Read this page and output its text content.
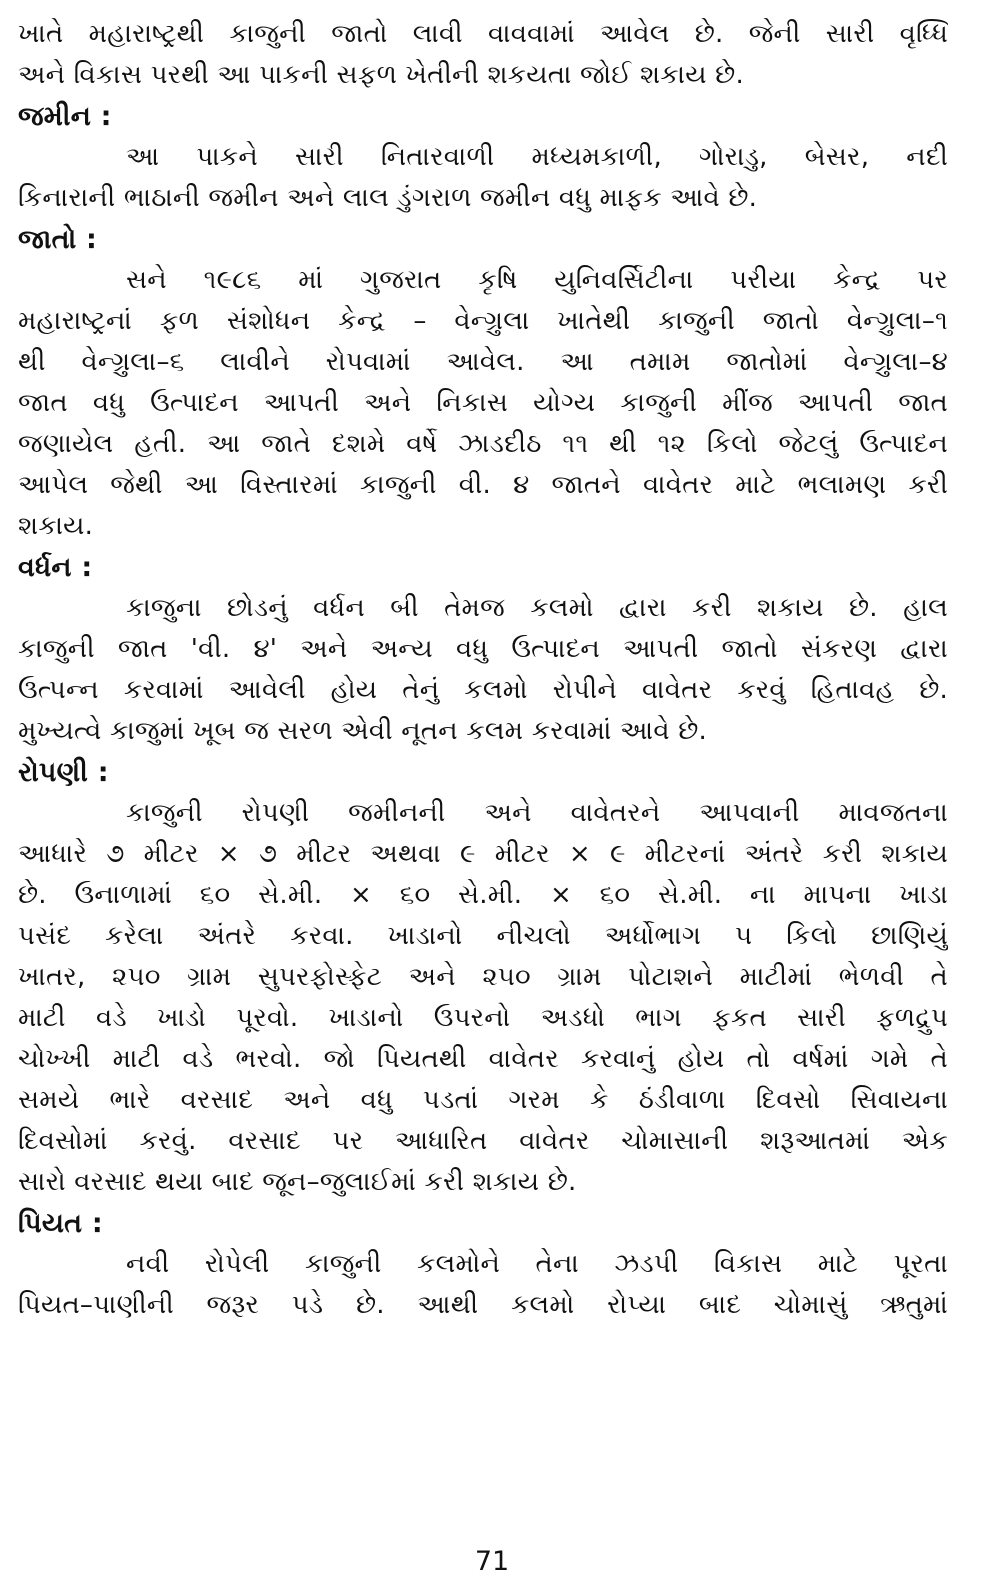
ખાતે મહારાષ્ટ્રથી કાજુની જાતો લાવી વાવવામાં આવેલ છે. જેની સારી વૃધ્ધિ
અને વિકાસ પરથી આ પાકની સફળ ખેતીની શકયતા જોઈ શકાય છે.
જમીન :
આ પાકને સારી નિતારવાળી મધ્યમકાળી, ગોરાડુ, બેસર, નદી
કિનારાની ભાઠાની જમીન અને લાલ ડુંગરાળ જમીન વધુ માફક આવે છે.
જાતો :
સને ૧૯૮૬ માં ગુજરાત કૃષિ યુનિવર્સિટીના પરીયા કેન્દ્ર પર
મહારાષ્ટ્રનાં ફળ સંશોધન કેન્દ્ર – વેન્ગ્રુલા ખાતેથી કાજુની જાતો વેન્ગ્રુલા–૧
થી વેન્ગ્રુલા–૬ લાવીને રોપવામાં આવેલ. આ તમામ જાતોમાં વેન્ગ્રુલા–૪
જાત વધુ ઉત્પાદન આપતી અને નિકાસ યોગ્ય કાજુની મીંજ આપતી જાત
જણાયેલ હતી. આ જાતે દશમે વર્ષે ઝાડદીઠ ૧૧ થી ૧૨ કિલો જેટલું ઉત્પાદન
આપેલ જેથી આ વિસ્તારમાં કાજુની વી. ૪ જાતને વાવેતર માટે ભલામણ કરી
શકાય.
વર્ધન :
કાજુના છોડનું વર્ધન બી તેમજ કલમો દ્વારા કરી શકાય છે. હાલ
કાજુની જાત 'વી. ૪' અને અન્ય વધુ ઉત્પાદન આપતી જાતો સંકરણ દ્વારા
ઉત્પન્ન કરવામાં આવેલી હોય તેનું કલમો રોપીને વાવેતર કરવું હિતાવહ છે.
મુખ્યત્વે કાજુમાં ખૂબ જ સરળ એવી નૂતન કલમ કરવામાં આવે છે.
રોપણી :
કાજુની રોપણી જમીનની અને વાવેતરને આપવાની માવજતના
આધારે ૭ મીટર × ૭ મીટર અથવા ૯ મીટર × ૯ મીટરનાં અંતરે કરી શકાય
છે. ઉનાળામાં ૬૦ સે.મી. × ૬૦ સે.મી. × ૬૦ સે.મી. ના માપના ખાડા
પસંદ કરેલા અંતરે કરવા. ખાડાનો નીચલો અર્ધોભાગ ૫ કિલો છાણિયું
ખાતર, ૨૫૦ ગ્રામ સુપરફોસ્ફેટ અને ૨૫૦ ગ્રામ પોટાશને માટીમાં ભેળવી તે
માટી વડે ખાડો પૂરવો. ખાડાનો ઉપરનો અડધો ભાગ ફકત સારી ફળદ્રુપ
ચોખ્ખી માટી વડે ભરવો. જો પિયતથી વાવેતર કરવાનું હોય તો વર્ષમાં ગમે તે
સમયે ભારે વરસાદ અને વધુ પડતાં ગરમ કે ઠંડીવાળા દિવસો સિવાયના
દિવસોમાં કરવું. વરસાદ પર આધારિત વાવેતર ચોમાસાની શરૂઆતમાં એક
સારો વરસાદ થયા બાદ જૂન–જુલાઈમાં કરી શકાય છે.
પિયત :
નવી રોપેલી કાજુની કલમોને તેના ઝડપી વિકાસ માટે પૂરતા
પિયત–પાણીની જરૂર પડે છે. આથી કલમો રોપ્યા બાદ ચોમાસું ઋતુમાં
71
